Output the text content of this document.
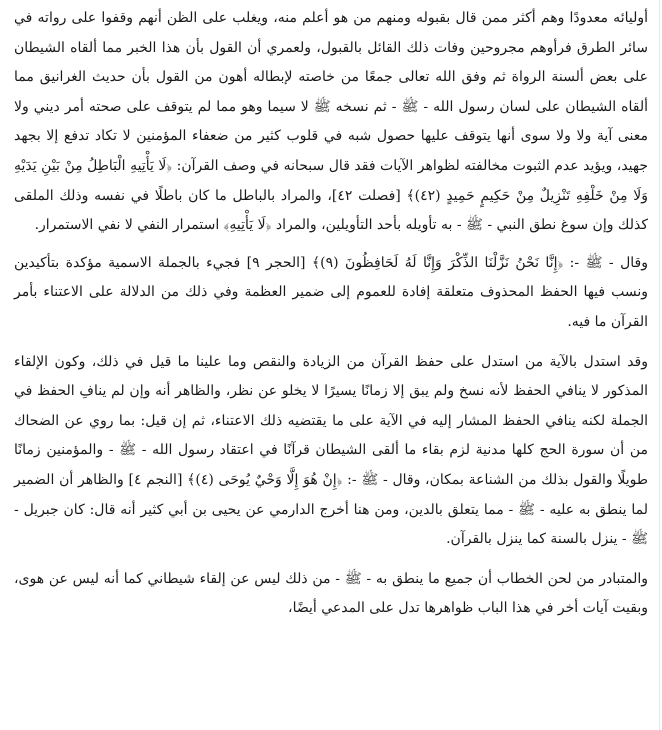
أوليائه معدودًا وهم أكثر ممن قال بقبوله ومنهم من هو أعلم منه، ويغلب على الظن أنهم وقفوا على رواته في سائر الطرق فرأوهم مجروحين وفات ذلك القائل بالقبول، ولعمري أن القول بأن هذا الخبر مما ألقاه الشيطان على بعض ألسنة الرواة ثم وفق الله تعالى جمعًا من خاصته لإبطاله أهون من القول بأن حديث الغرانيق مما ألقاه الشيطان على لسان رسول الله - ﷺ - ثم نسخه ﷺ لا سيما وهو مما لم يتوقف على صحته أمر ديني ولا معنى آية ولا ولا سوى أنها يتوقف عليها حصول شبه في قلوب كثير من ضعفاء المؤمنين لا تكاد تدفع إلا بجهد جهيد، ويؤيد عدم الثبوت مخالفته لظواهر الآيات فقد قال سبحانه في وصف القرآن: ﴿لَا يَأْتِيهِ الْبَاطِلُ مِنْ بَيْنِ يَدَيْهِ وَلَا مِنْ خَلْفِهِ تَنْزِيلٌ مِنْ حَكِيمٍ حَمِيدٍ (٤٢)﴾ [فصلت ٤٢]، والمراد بالباطل ما كان باطلًا في نفسه وذلك الملقى كذلك وإن سوغ نطق النبي - ﷺ - به تأويله بأحد التأويلين، والمراد ﴿لَا يَأْتِيهِ﴾ استمرار النفي لا نفي الاستمرار.

وقال - ﷺ -: ﴿إِنَّا نَحْنُ نَزَّلْنَا الذِّكْرَ وَإِنَّا لَهُ لَحَافِظُونَ (٩)﴾ [الحجر ٩] فجيء بالجملة الاسمية مؤكدة بتأكيدين ونسب فيها الحفظ المحذوف متعلقة إفادة للعموم إلى ضمير العظمة وفي ذلك من الدلالة على الاعتناء بأمر القرآن ما فيه.

وقد استدل بالآية من استدل على حفظ القرآن من الزيادة والنقص وما علينا ما قيل في ذلك، وكون الإلقاء المذكور لا ينافي الحفظ لأنه نسخ ولم يبق إلا زمانًا يسيرًا لا يخلو عن نظر، والظاهر أنه وإن لم ينافِ الحفظ في الجملة لكنه ينافي الحفظ المشار إليه في الآية على ما يقتضيه ذلك الاعتناء، ثم إن قيل: بما روي عن الضحاك من أن سورة الحج كلها مدنية لزم بقاء ما ألقى الشيطان قرآنًا في اعتقاد رسول الله - ﷺ - والمؤمنين زمانًا طويلًا والقول بذلك من الشناعة بمكان، وقال - ﷺ -: ﴿إِنْ هُوَ إِلَّا وَحْيٌ يُوحَى (٤)﴾ [النجم ٤] والظاهر أن الضمير لما ينطق به عليه - ﷺ - مما يتعلق بالدين، ومن هنا أخرج الدارمي عن يحيى بن أبي كثير أنه قال: كان جبريل - ﷺ - ينزل بالسنة كما ينزل بالقرآن.

والمتبادر من لحن الخطاب أن جميع ما ينطق به - ﷺ - من ذلك ليس عن إلقاء شيطاني كما أنه ليس عن هوى، وبقيت آيات أخر في هذا الباب ظواهرها تدل على المدعي أيضًا،
